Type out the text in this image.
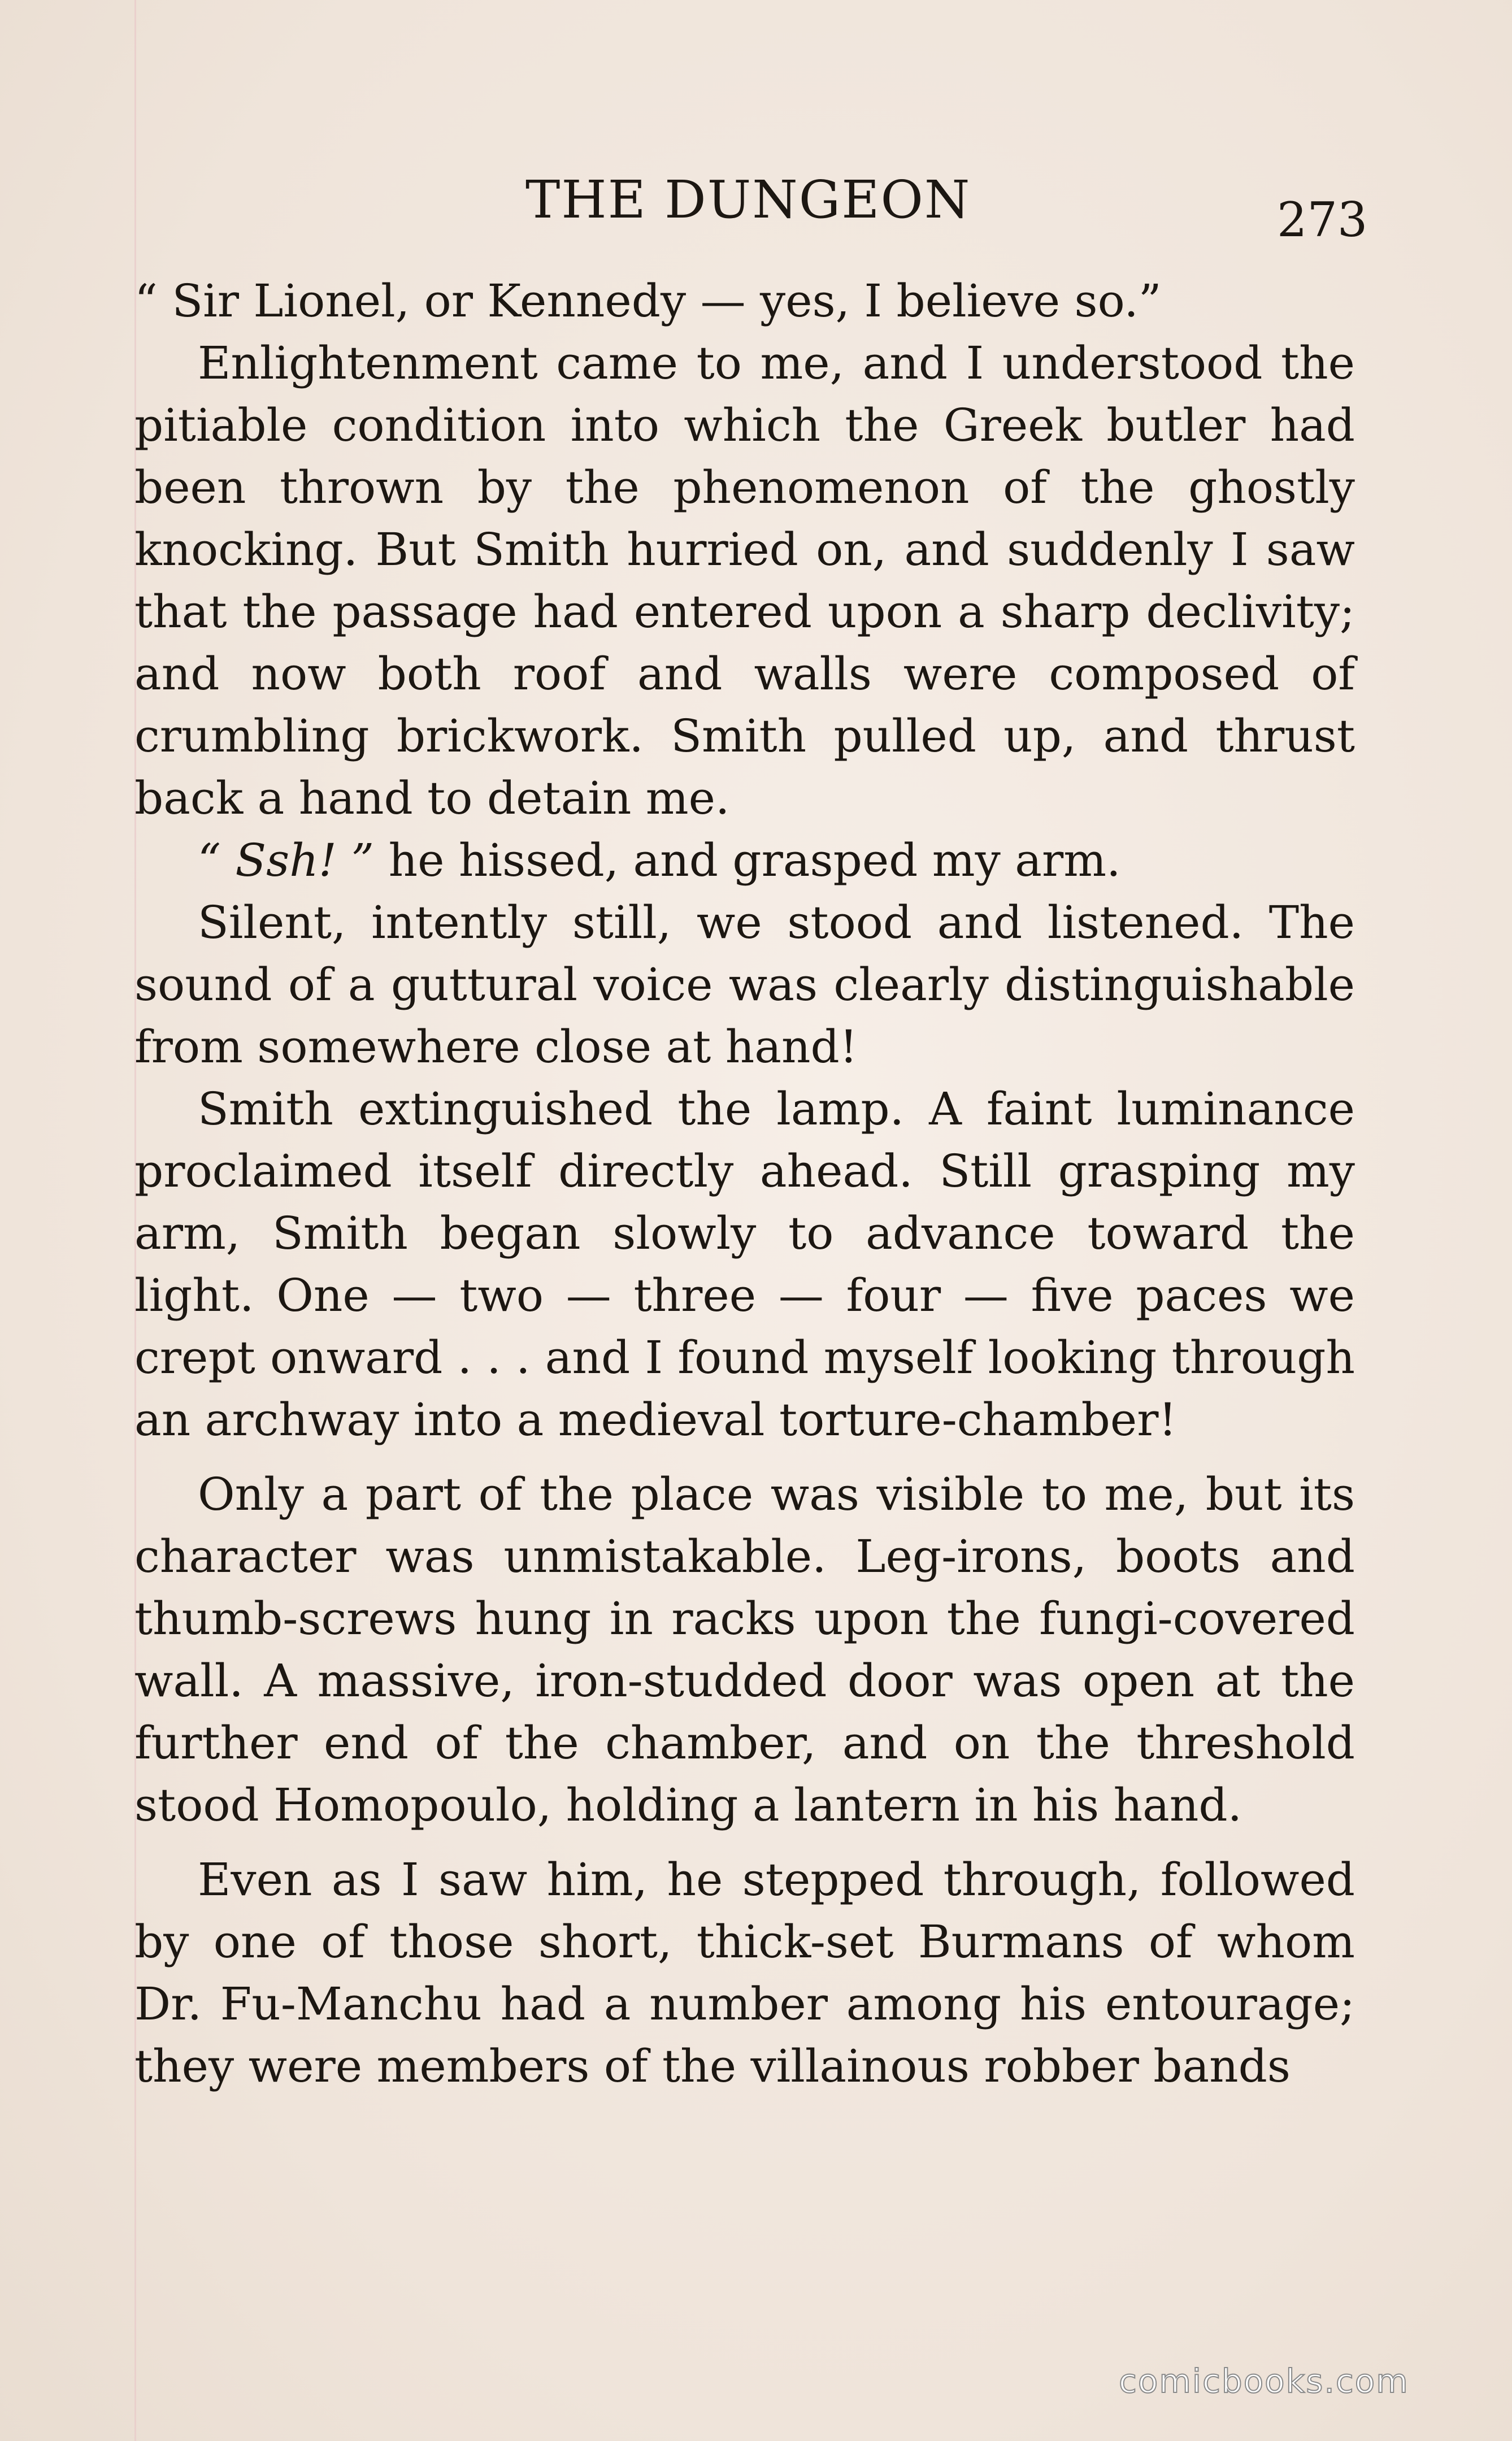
THE DUNGEON	273

“ Sir Lionel, or Kennedy — yes, I believe so.”

Enlightenment came to me, and I understood the pitiable condition into which the Greek butler had been thrown by the phenomenon of the ghostly knocking. But Smith hurried on, and suddenly I saw that the passage had entered upon a sharp declivity; and now both roof and walls were composed of crumbling brickwork. Smith pulled up, and thrust back a hand to detain me.

“ Ssh! ” he hissed, and grasped my arm.

Silent, intently still, we stood and listened. The sound of a guttural voice was clearly distinguishable from somewhere close at hand!

Smith extinguished the lamp. A faint luminance proclaimed itself directly ahead. Still grasping my arm, Smith began slowly to advance toward the light. One — two — three — four — five paces we crept onward . . . and I found myself looking through an archway into a medieval torture-chamber!

Only a part of the place was visible to me, but its character was unmistakable. Leg-irons, boots and thumb-screws hung in racks upon the fungi-covered wall. A massive, iron-studded door was open at the further end of the chamber, and on the threshold stood Homopoulo, holding a lantern in his hand.

Even as I saw him, he stepped through, followed by one of those short, thick-set Burmans of whom Dr. Fu-Manchu had a number among his entourage; they were members of the villainous robber bands

comicbooks.com
